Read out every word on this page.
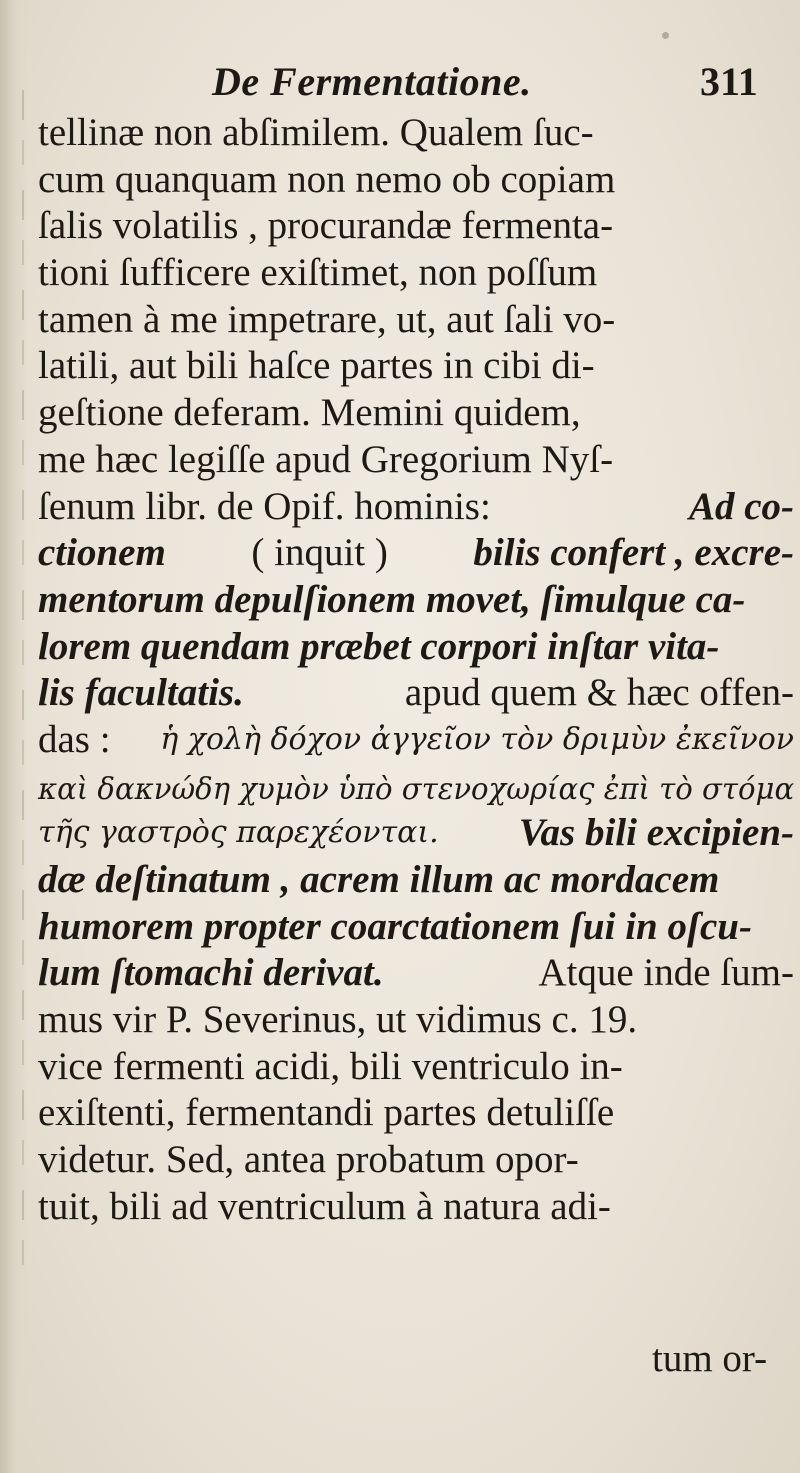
De Fermentatione.	311
tellinæ non abſimilem. Qualem ſuc-
cum quanquam non nemo ob copiam
ſalis volatilis , procurandæ fermenta-
tioni ſufficere exiſtimet, non poſſum
tamen à me impetrare, ut, aut ſali vo-
latili, aut bili haſce partes in cibi di-
geſtione deferam. Memini quidem,
me hæc legiſſe apud Gregorium Nyſ-
ſenum libr. de Opif. hominis:	Ad co-
ctionem ( inquit ) bilis confert , excre-
mentorum depulſionem movet, ſimulque ca-
lorem quendam præbet corpori inſtar vita-
lis facultatis.	apud quem & hæc offen-
das : ἡ χολὴ δόχον ἀγγεῖον τὸν δριμὺν ἐκεῖνον
καὶ δακνώδη χυμὸν ὑπὸ στενοχωρίας ἐπὶ τὸ στόμα
τῆς γαστρὸς παρεχέονται. Vas bili excipien-
dæ deſtinatum , acrem illum ac mordacem
humorem propter coarctationem ſui in oſcu-
lum ſtomachi derivat.	Atque inde ſum-
mus vir P. Severinus, ut vidimus c. 19.
vice fermenti acidi, bili ventriculo in-
exiſtenti, fermentandi partes detuliſſe
videtur. Sed, antea probatum opor-
tuit, bili ad ventriculum à natura adi-
tum or-
